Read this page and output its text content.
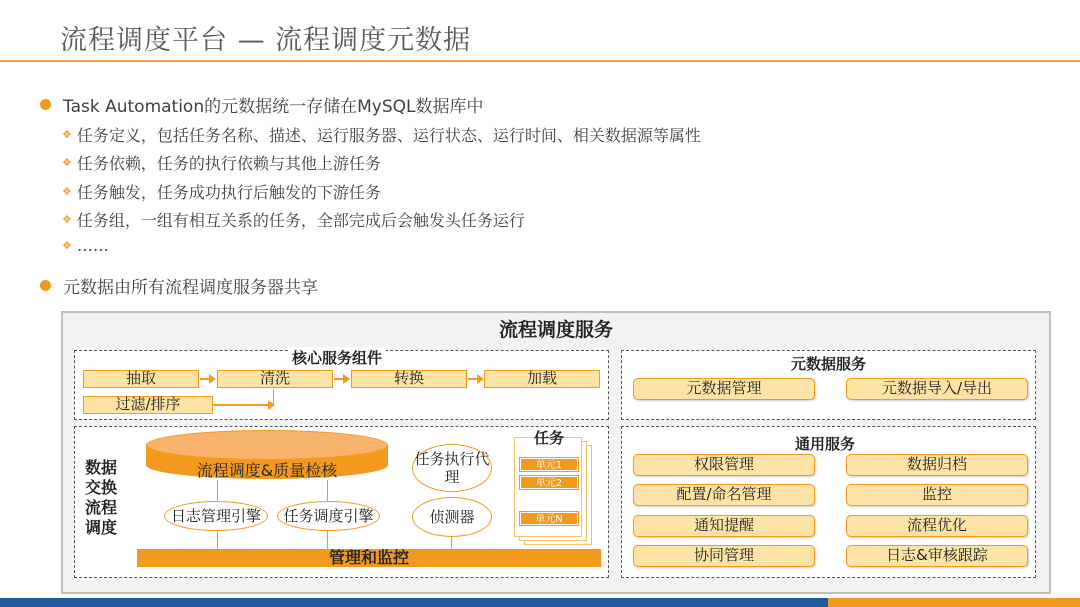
流程调度平台 — 流程调度元数据
Task Automation的元数据统一存储在MySQL数据库中
❖ 任务定义，包括任务名称、描述、运行服务器、运行状态、运行时间、相关数据源等属性
❖ 任务依赖，任务的执行依赖与其他上游任务
❖ 任务触发，任务成功执行后触发的下游任务
❖ 任务组，一组有相互关系的任务，全部完成后会触发头任务运行
❖ ……
元数据由所有流程调度服务器共享
流程调度服务
核心服务组件
抽取	清洗	转换	加载
过滤/排序
元数据服务
元数据管理	元数据导入/导出
数据交换流程调度
流程调度&质量检核
日志管理引擎	任务调度引擎
任务执行代理
侦测器
任务
单元1
单元2
单元N
管理和监控
通用服务
权限管理	数据归档
配置/命名管理	监控
通知提醒	流程优化
协同管理	日志&审核跟踪
